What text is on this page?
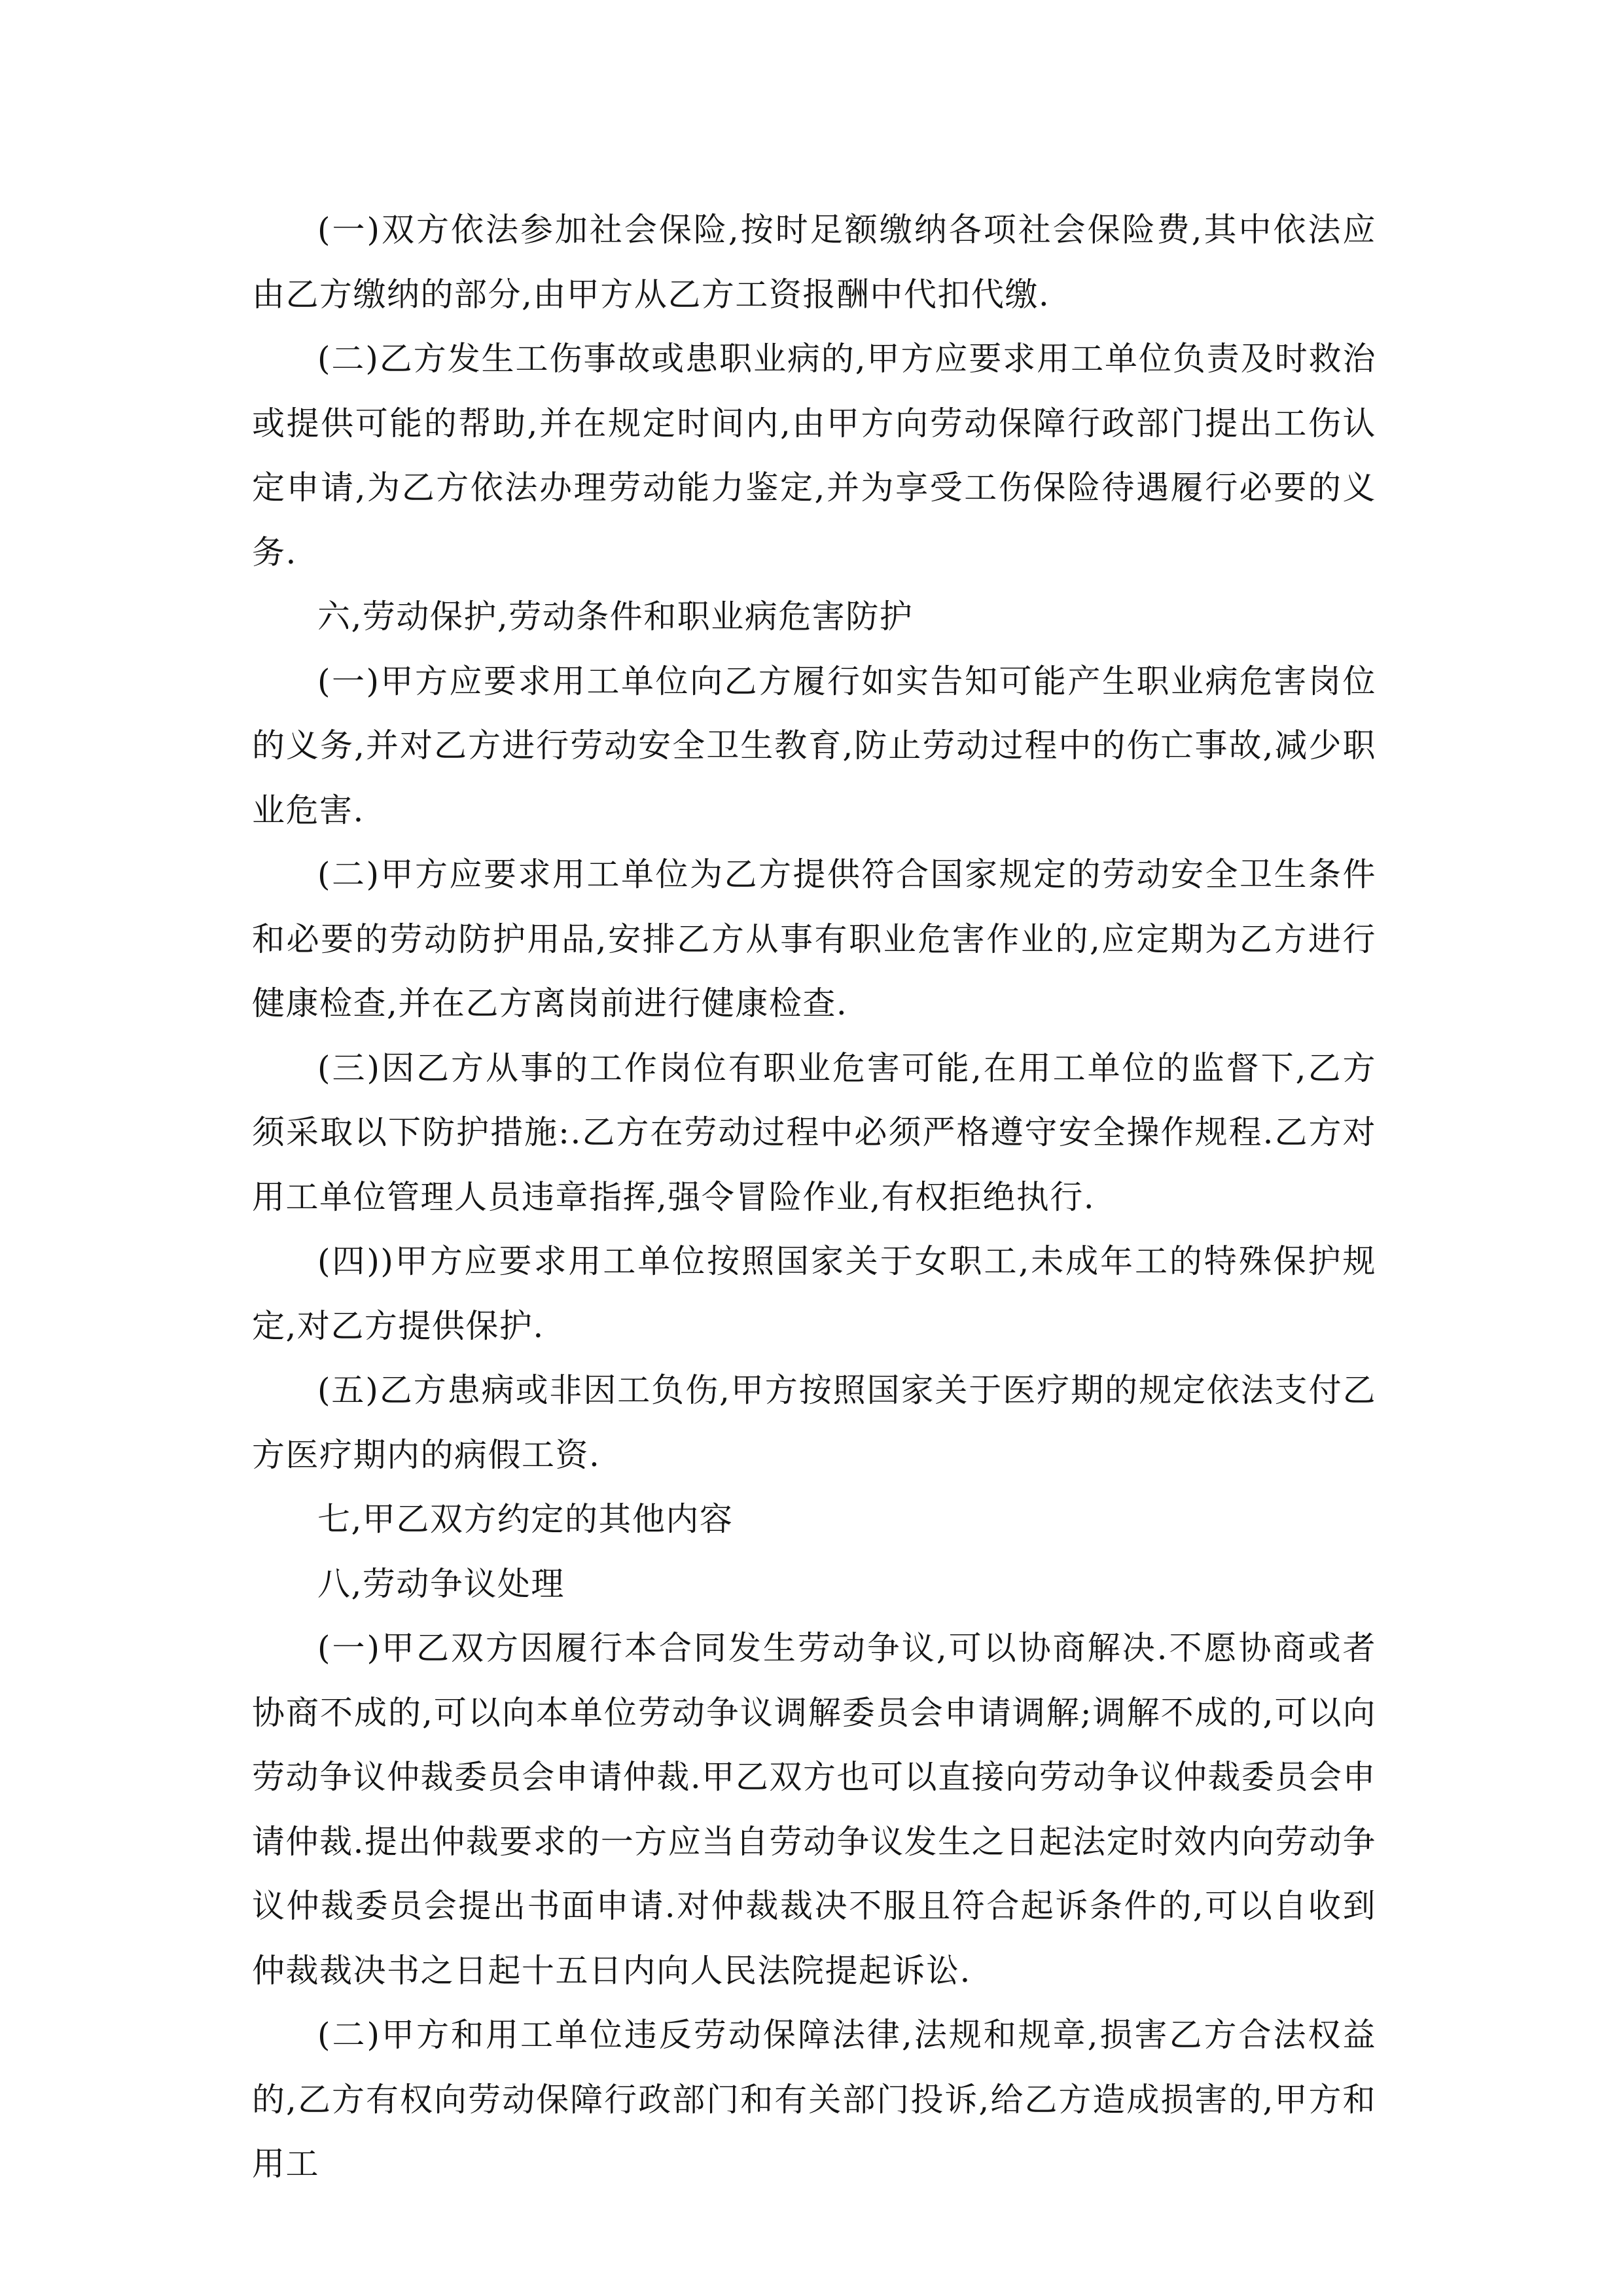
(一)双方依法参加社会保险,按时足额缴纳各项社会保险费,其中依法应由乙方缴纳的部分,由甲方从乙方工资报酬中代扣代缴.

(二)乙方发生工伤事故或患职业病的,甲方应要求用工单位负责及时救治或提供可能的帮助,并在规定时间内,由甲方向劳动保障行政部门提出工伤认定申请,为乙方依法办理劳动能力鉴定,并为享受工伤保险待遇履行必要的义务.

六,劳动保护,劳动条件和职业病危害防护

(一)甲方应要求用工单位向乙方履行如实告知可能产生职业病危害岗位的义务,并对乙方进行劳动安全卫生教育,防止劳动过程中的伤亡事故,减少职业危害.

(二)甲方应要求用工单位为乙方提供符合国家规定的劳动安全卫生条件和必要的劳动防护用品,安排乙方从事有职业危害作业的,应定期为乙方进行健康检查,并在乙方离岗前进行健康检查.

(三)因乙方从事的工作岗位有职业危害可能,在用工单位的监督下,乙方须采取以下防护措施:.乙方在劳动过程中必须严格遵守安全操作规程.乙方对用工单位管理人员违章指挥,强令冒险作业,有权拒绝执行.

(四))甲方应要求用工单位按照国家关于女职工,未成年工的特殊保护规定,对乙方提供保护.

(五)乙方患病或非因工负伤,甲方按照国家关于医疗期的规定依法支付乙方医疗期内的病假工资.

七,甲乙双方约定的其他内容

八,劳动争议处理

(一)甲乙双方因履行本合同发生劳动争议,可以协商解决.不愿协商或者协商不成的,可以向本单位劳动争议调解委员会申请调解;调解不成的,可以向劳动争议仲裁委员会申请仲裁.甲乙双方也可以直接向劳动争议仲裁委员会申请仲裁.提出仲裁要求的一方应当自劳动争议发生之日起法定时效内向劳动争议仲裁委员会提出书面申请.对仲裁裁决不服且符合起诉条件的,可以自收到仲裁裁决书之日起十五日内向人民法院提起诉讼.

(二)甲方和用工单位违反劳动保障法律,法规和规章,损害乙方合法权益的,乙方有权向劳动保障行政部门和有关部门投诉,给乙方造成损害的,甲方和用工
